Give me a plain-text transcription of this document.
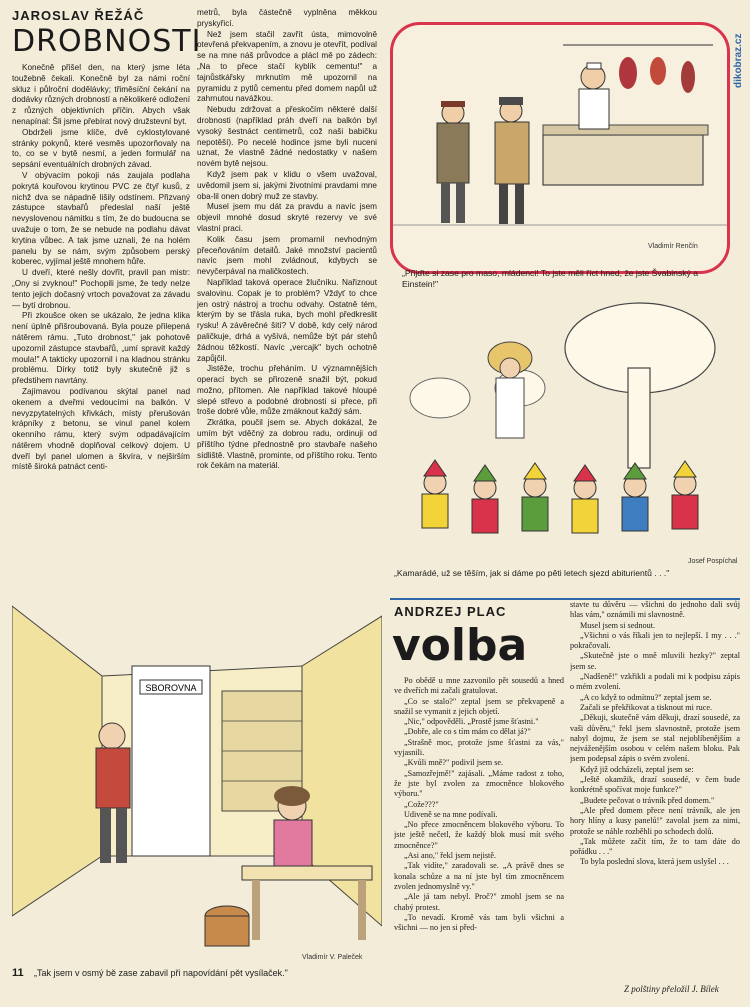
JAROSLAV ŘEŽÁČ
DROBNOSTI

Konečně přišel den, na který jsme léta toužebně čekali. Konečně byl za námi roční skluz i půlroční dodělávky; třiměsíční čekání na dodávky různých drobností a několikeré odložení z různých objektivních příčin. Abych však nenapínal: Šli jsme přebírat nový družstevní byt.

Obdrželi jsme klíče, dvě cyklostylované stránky pokynů, které vesměs upozorňovaly na to, co se v bytě nesmí, a jeden formulář na sepsání eventuálních drobných závad.

V obývacím pokoji nás zaujala podlaha pokrytá kouřovou krytinou PVC ze čtyř kusů, z nichž dva se nápadně lišily odstínem. Přizvaný zástupce stavbařů předeslal naší ještě nevyslovenou námitku s tím, že do budoucna se uvažuje o tom, že se nebude na podlahu dávat krytina vůbec. A tak jsme uznali, že na holém panelu by se nám, svým způsobem perský koberec, vyjímal ještě mnohem hůře.

U dveří, které nešly dovřít, pravil pan mistr: „Ony si zvyknou!" Pochopili jsme, že tedy nelze tento jejich dočasný vrtoch považovat za závadu — bytí drobnou.

Při zkoušce oken se ukázalo, že jedna klika není úplně přišroubovaná. Byla pouze přilepená nátěrem rámu. „Tuto drobnost," jak pohotově upozornil zástupce stavbařů, „umí spravit každý moula!" A takticky upozornil i na kladnou stránku problému. Dírky totiž byly skutečně již s předstihem navrtány.

Zajímavou podívanou skýtal panel nad okenem a dveřmi vedoucími na balkón. V nevyzpytatelných křivkách, místy přerušován krápníky z betonu, se vinul panel kolem okenního rámu, který svým odpadávajícím nátěrem vhodně doplňoval celkový dojem. U dveří byl panel ulomen a škvíra, v nejširším místě široká patnáct centi-

metrů, byla částečně vyplněna měkkou pryskyřicí.

Než jsem stačil zavřít ústa, mimovolně otevřená překvapením, a znovu je otevřít, podíval se na mne náš průvodce a plácl mě po zádech: „Na to přece stačí kyblík cementu!" a tajnůstkářsky mrknutím mě upozornil na pyramidu z pytlů cementu před domem napůl už zahrnutou navážkou.

Nebudu zdržovat a přeskočím některé další drobnosti (například práh dveří na balkón byl vysoký šestnáct centimetrů, což naši babičku nepotěší). Po necelé hodince jsme byli nuceni uznat, že vlastně žádné nedostatky v našem novém bytě nejsou.

Když jsem pak v klidu o všem uvažoval, uvědomil jsem si, jakými životními pravdami mne oba-lil onen dobrý muž ze stavby.

Musel jsem mu dát za pravdu a navíc jsem objevil mnohé dosud skryté rezervy ve své vlastní praci.

Kolik času jsem promarnil nevhodným přeceňováním detailů. Jaké množství pacientů navíc jsem mohl zvládnout, kdybych se nevyčerpával na maličkostech.

Například taková operace žlučníku. Nařiznout svalovinu. Copak je to problém? Vždyť to chce jen ostrý nástroj a trochu odvahy. Ostatně tém, kterým by se třásla ruka, bych mohl předkreslit rysku! A závěrečné šití? V době, kdy celý národ paličkuje, drhá a vyšívá, nemůže být pár stehů žádnou těžkostí. Navíc „vercajk" bych ochotně zapůjčil.

Jistěže, trochu přeháním. U významnějších operací bych se přirozeně snažil být, pokud možno, přítomen. Ale například takové hloupé slepé střevo a podobné drobnosti si přece, při troše dobré vůle, může zmáknout každý sám.

Zkrátka, poučil jsem se. Abych dokázal, že umím být vděčný za dobrou radu, ordinuji od příštího týdne přednostně pro stavbaře našeho sídliště. Vlastně, prominte, od příštího roku. Tento rok čekám na materiál.

dikobraz.cz
Vladimír Renčín
„Přijďte si zase pro maso, mládenci! To jste měli říct hned, že jste Švabinský a Einstein!"
Josef Pospíchal
„Kamarádé, už se těším, jak si dáme po pěti letech sjezd abiturientů . . ."
SBOROVNA
Vladimír V. Paleček
11 „Tak jsem v osmý bě zase zabavil při napovídání pět vysílaček."
ANDRZEJ PLAC
volba

Po obědě u mne zazvonilo pět sousedů a hned ve dveřích mi začali gratulovat.

„Co se stalo?" zeptal jsem se překvapeně a snažil se vymanit z jejich objetí.

„Nic," odpověděli. „Prostě jsme šťastni."

„Dobře, ale co s tím mám co dělat já?"

„Strašně moc, protože jsme šťastni za vás," vyjasnili.

„Kvůli mně?" podivil jsem se.

„Samozřejmě!" zajásali. „Máme radost z toho, že jste byl zvolen za zmocněnce blokového výboru."

„Cože???"

Udiveně se na mne podívali.

„No přece zmocněncem blokového výboru. To jste ještě nečetl, že každý blok musí mít svého zmocněnce?"

„Asi ano," řekl jsem nejistě.

„Tak vidíte," zaradovali se. „A právě dnes se konala schůze a na ní jste byl tím zmocněncem zvolen jednomyslně vy."

„Ale já tam nebyl. Proč?" zmohl jsem se na chabý protest.

„To nevadí. Kromě vás tam byli všichni a všichni — no jen si před-

stavte tu důvěru — všichni do jednoho dali svůj hlas vám," oznámili mi slavnostně.

Musel jsem si sednout.

„Všichni o vás říkali jen to nejlepší. I my . . ." pokračovali.

„Skutečně jste o mně mluvili hezky?" zeptal jsem se.

„Nadšeně!" vzkřikli a podali mi k podpisu zápis o mém zvolení.

„A co když to odmítnu?" zeptal jsem se.

Začali se překřikovat a tisknout mi ruce.

„Děkuji, skutečně vám děkuji, drazí sousedé, za vaši důvěru," řekl jsem slavnostně, protože jsem nabyl dojmu, že jsem se stal nejoblíbenějším a nejváženějším osobou v celém našem bloku. Pak jsem podepsal zápis o svém zvolení.

Když již odcházeli, zeptal jsem se:

„Ještě okamžik, drazí sousedé, v čem bude konkrétně spočívat moje funkce?"

„Budete pečovat o trávník před domem."

„Ale před domem přece není trávník, ale jen hory hlíny a kusy panelů!" zavolal jsem za nimi, protože se náhle rozběhli po schodech dolů.

„Tak můžete začít tím, že to tam dáte do pořádku . . ."

To byla poslední slova, která jsem uslyšel . . .

Z polštiny přeložil J. Bílek
